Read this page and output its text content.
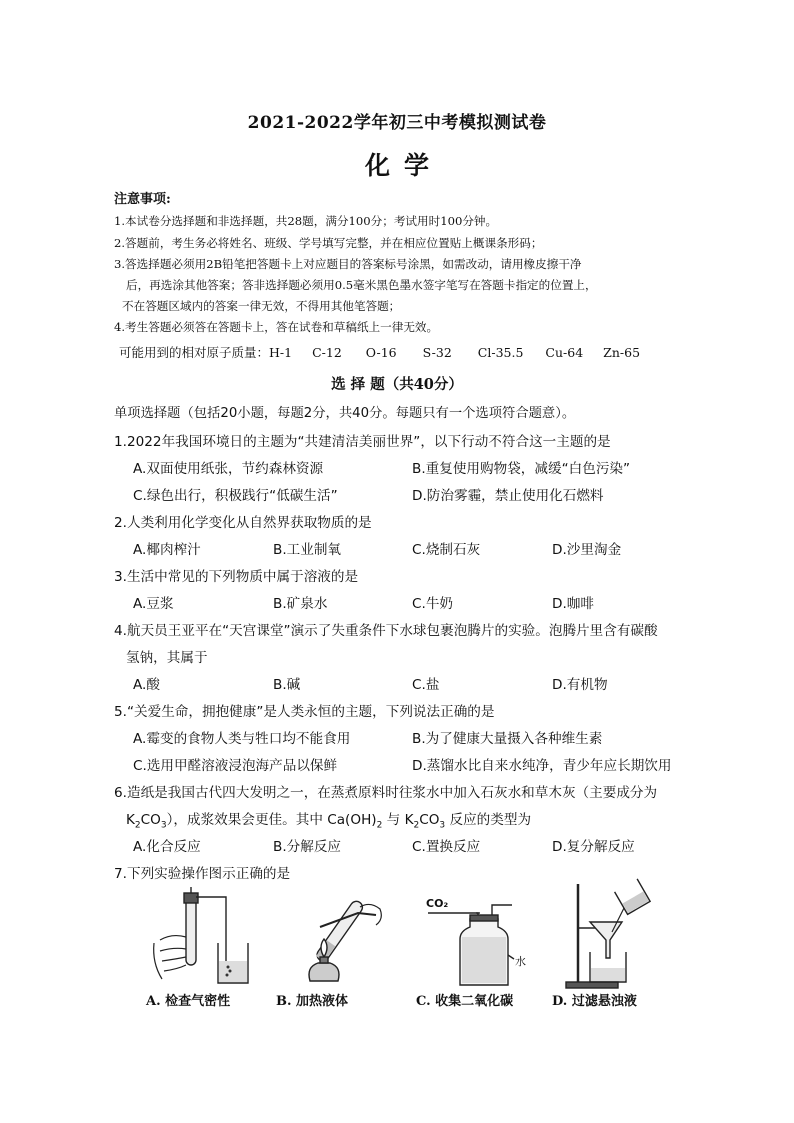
2021-2022学年初三中考模拟测试卷
化学
注意事项:
1.本试卷分选择题和非选择题，共28题，满分100分；考试用时100分钟。
2.答题前，考生务必将姓名、班级、学号填写完整，并在相应位置贴上概课条形码；
3.答选择题必须用2B铅笔把答题卡上对应题目的答案标号涂黑，如需改动，请用橡皮擦干净
后，再选涂其他答案；答非选择题必须用0.5毫米黑色墨水签字笔写在答题卡指定的位置上，
不在答题区域内的答案一律无效，不得用其他笔答题；
4.考生答题必须答在答题卡上，答在试卷和草稿纸上一律无效。
可能用到的相对原子质量：H-1 C-12 O-16 S-32 Cl-35.5 Cu-64 Zn-65
选 择 题（共40分）
单项选择题（包括20小题，每题2分，共40分。每题只有一个选项符合题意）。
1.2022年我国环境日的主题为“共建清洁美丽世界”，以下行动不符合这一主题的是
A.双面使用纸张，节约森林资源	B.重复使用购物袋，减缓“白色污染”
C.绿色出行，积极践行“低碳生活”	D.防治雾霾，禁止使用化石燃料
2.人类利用化学变化从自然界获取物质的是
A.椰肉榨汁	B.工业制氧	C.烧制石灰	D.沙里淘金
3.生活中常见的下列物质中属于溶液的是
A.豆浆	B.矿泉水	C.牛奶	D.咖啡
4.航天员王亚平在“天宫课堂”演示了失重条件下水球包裹泡腾片的实验。泡腾片里含有碳酸
氢钠，其属于
A.酸	B.碱	C.盐	D.有机物
5.“关爱生命，拥抱健康”是人类永恒的主题，下列说法正确的是
A.霉变的食物人类与牲口均不能食用	B.为了健康大量摄入各种维生素
C.选用甲醛溶液浸泡海产品以保鲜	D.蒸馏水比自来水纯净，青少年应长期饮用
6.造纸是我国古代四大发明之一，在蒸煮原料时往浆水中加入石灰水和草木灰（主要成分为
$K_2CO_3$），成浆效果会更佳。其中 $Ca(OH)_2$ 与 $K_2CO_3$ 反应的类型为
A.化合反应	B.分解反应	C.置换反应	D.复分解反应
7.下列实验操作图示正确的是
A. 检查气密性	B. 加热液体
CO₂
水
C. 收集二氧化碳	D. 过滤悬浊液
